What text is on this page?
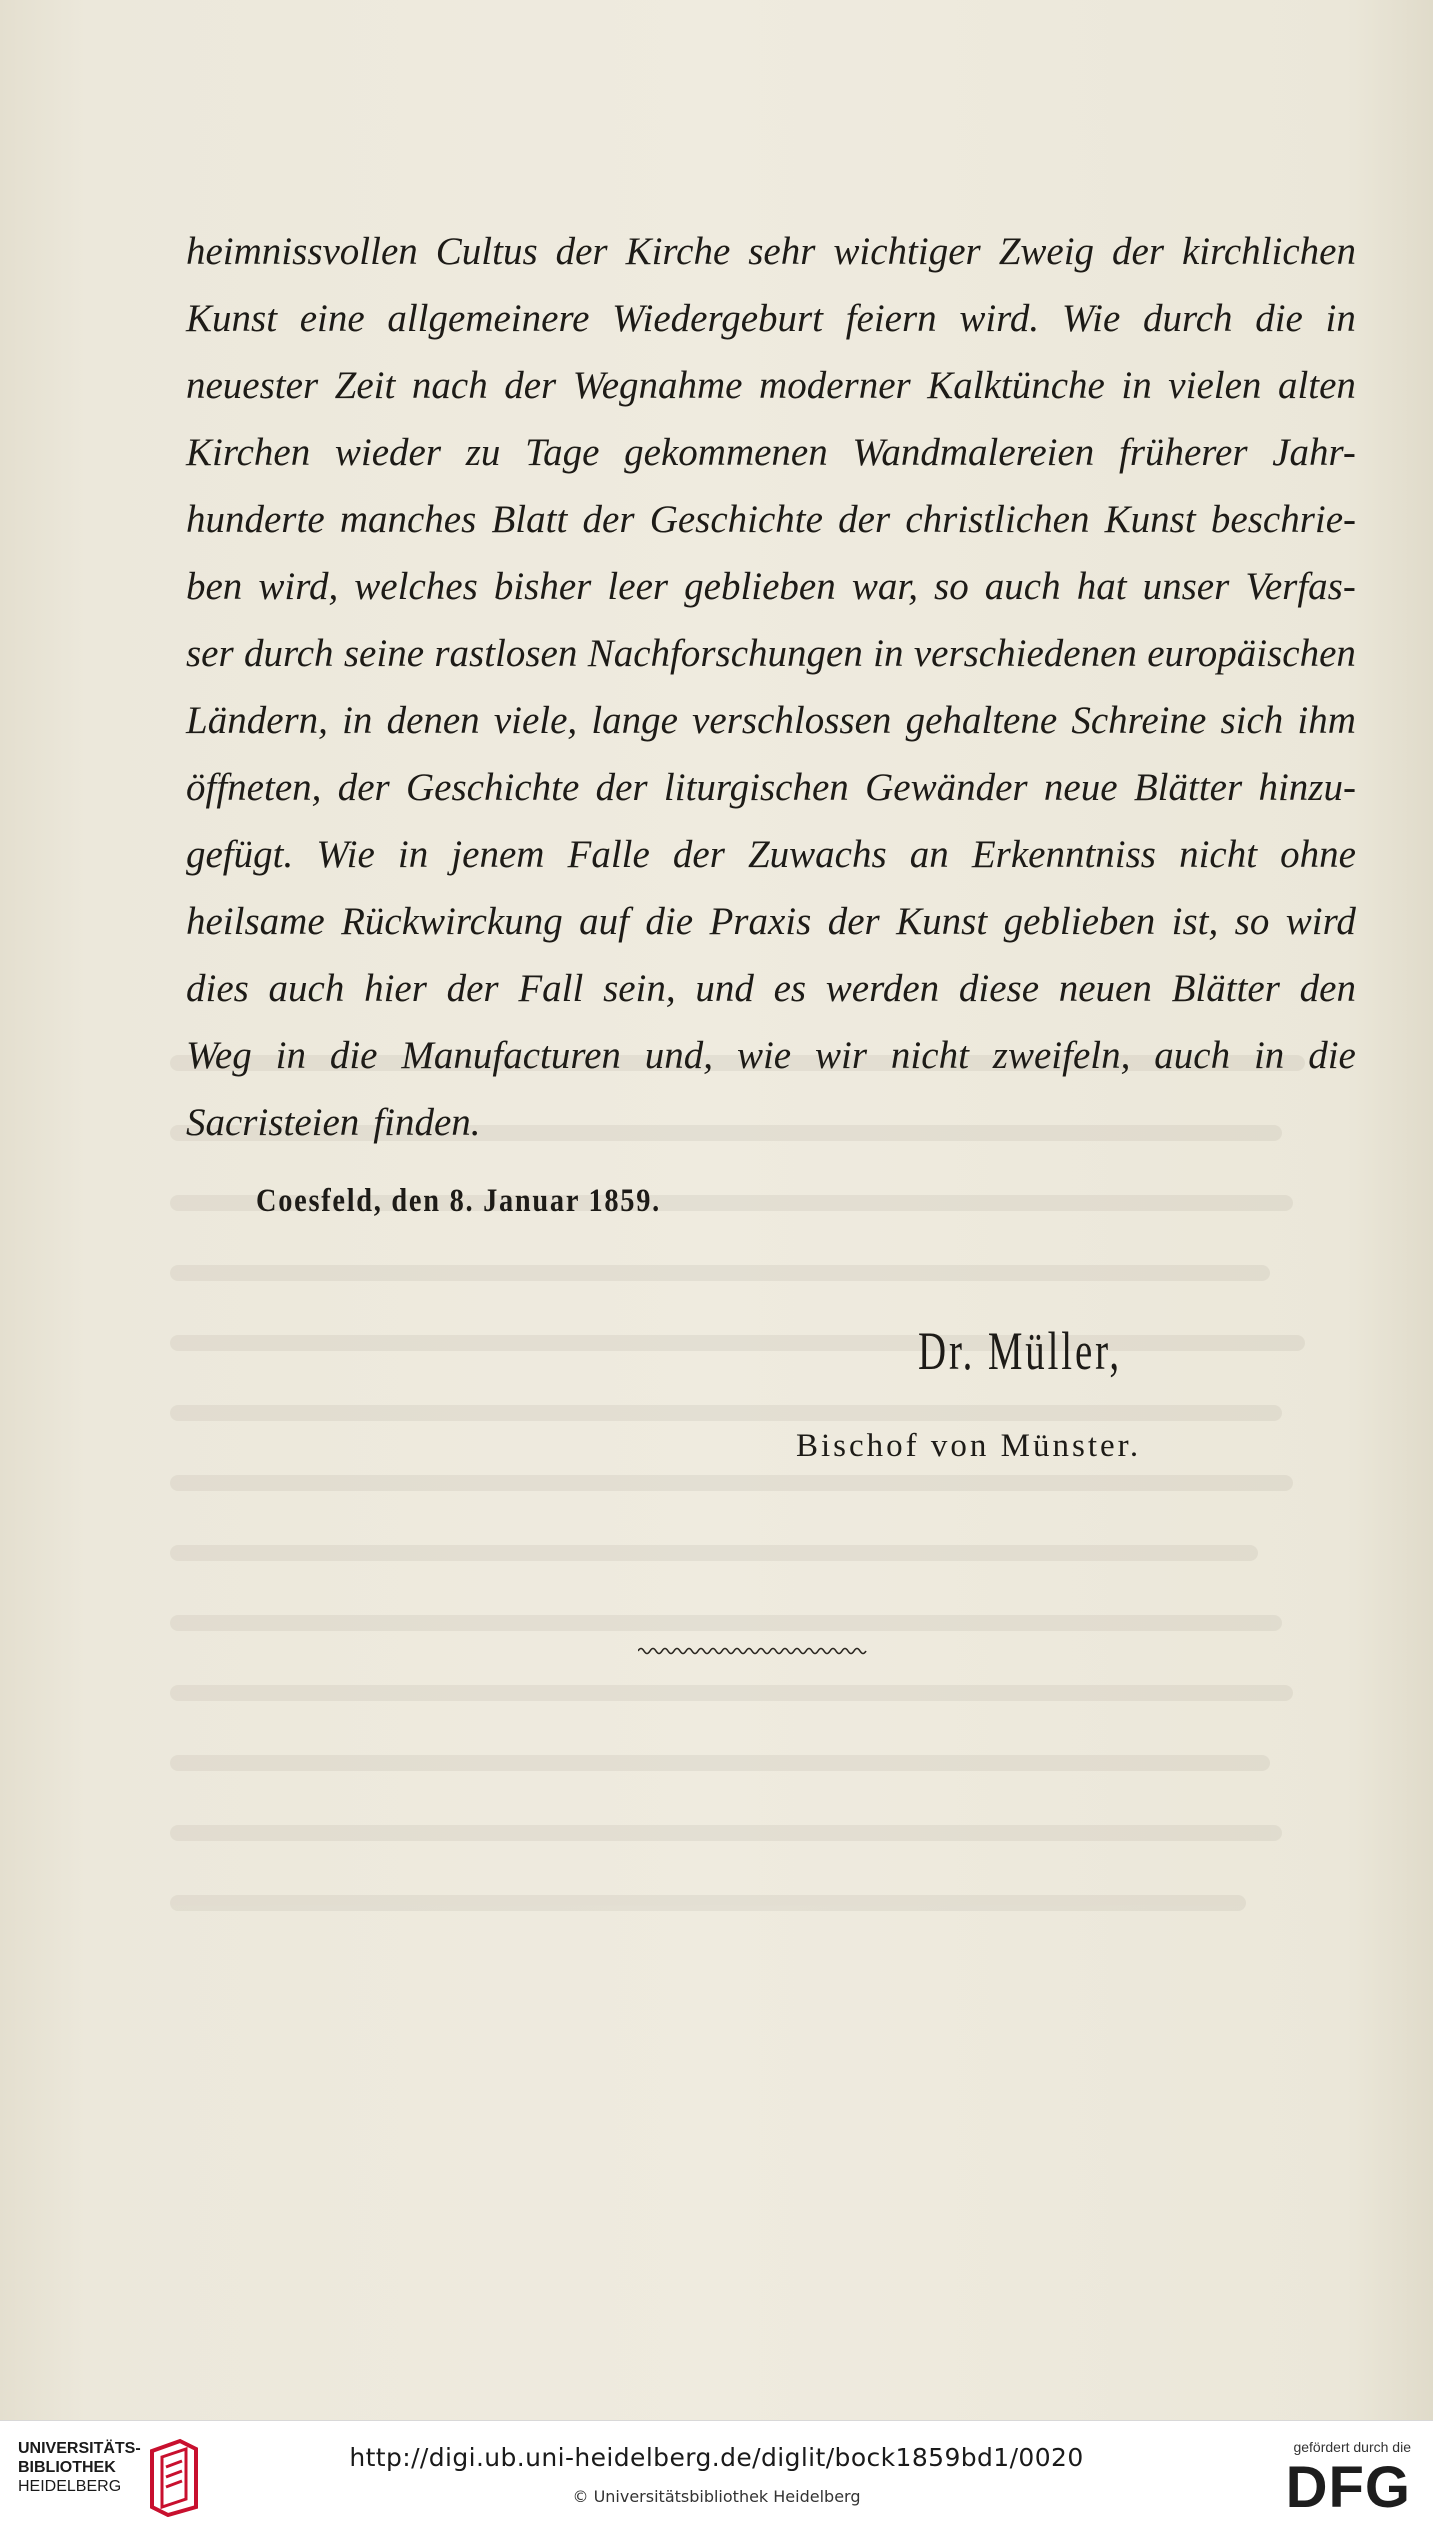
heimnissvollen Cultus der Kirche sehr wichtiger Zweig der kirchlichen
Kunst eine allgemeinere Wiedergeburt feiern wird. Wie durch die in
neuester Zeit nach der Wegnahme moderner Kalktünche in vielen alten
Kirchen wieder zu Tage gekommenen Wandmalereien früherer Jahr-
hunderte manches Blatt der Geschichte der christlichen Kunst beschrie-
ben wird, welches bisher leer geblieben war, so auch hat unser Verfas-
ser durch seine rastlosen Nachforschungen in verschiedenen europäischen
Ländern, in denen viele, lange verschlossen gehaltene Schreine sich ihm
öffneten, der Geschichte der liturgischen Gewänder neue Blätter hinzu-
gefügt. Wie in jenem Falle der Zuwachs an Erkenntniss nicht ohne
heilsame Rückwirckung auf die Praxis der Kunst geblieben ist, so wird
dies auch hier der Fall sein, und es werden diese neuen Blätter den
Weg in die Manufacturen und, wie wir nicht zweifeln, auch in die
Sacristeien finden.
Coesfeld, den 8. Januar 1859.
Dr. Müller,
Bischof von Münster.
UNIVERSITÄTS-
BIBLIOTHEK
HEIDELBERG
http://digi.ub.uni-heidelberg.de/diglit/bock1859bd1/0020
© Universitätsbibliothek Heidelberg
gefördert durch die
DFG
